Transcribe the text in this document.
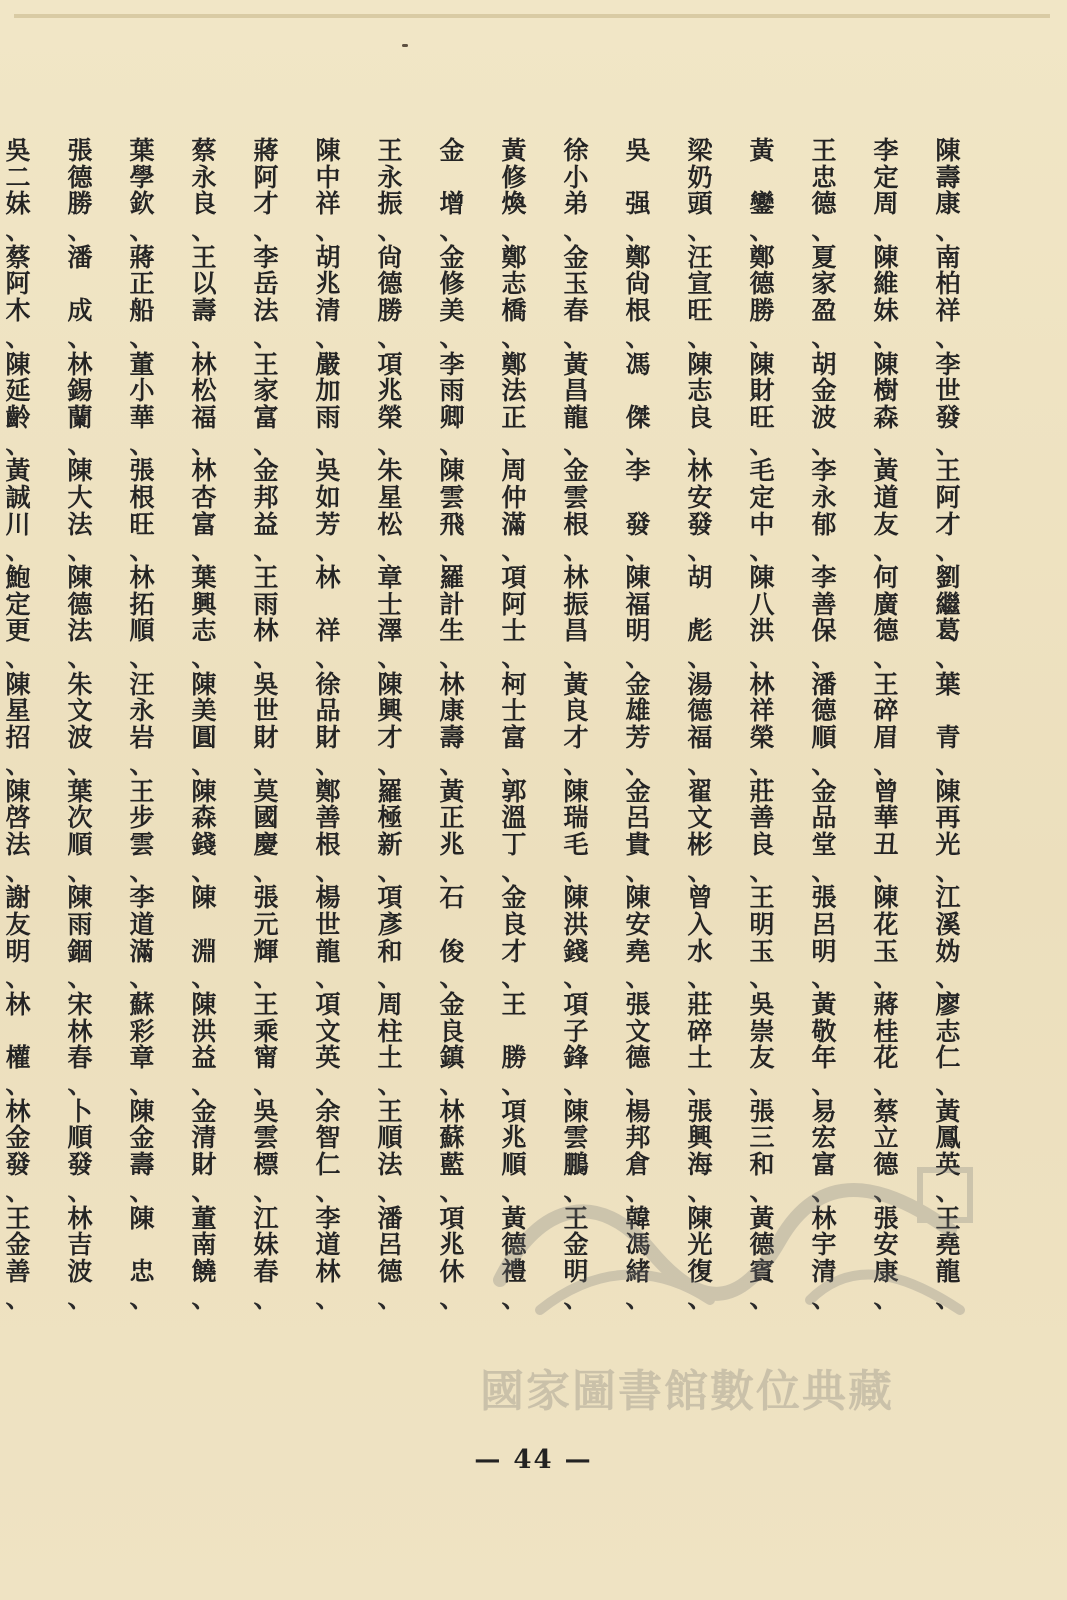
陳
壽
康
、
南
柏
祥
、
李
世
發
、
王
阿
才
、
劉
繼
葛
、
葉
青
、
陳
再
光
、
江
溪
妫
、
廖
志
仁
、
黃
鳳
英
、
王
堯
龍
、
李
定
周
、
陳
維
妹
、
陳
樹
森
、
黃
道
友
、
何
廣
德
、
王
碎
眉
、
曾
華
丑
、
陳
花
玉
、
蔣
桂
花
、
蔡
立
德
、
張
安
康
、
王
忠
德
、
夏
家
盈
、
胡
金
波
、
李
永
郁
、
李
善
保
、
潘
德
順
、
金
品
堂
、
張
呂
明
、
黃
敬
年
、
易
宏
富
、
林
宇
清
、
黃
鑾
、
鄭
德
勝
、
陳
財
旺
、
毛
定
中
、
陳
八
洪
、
林
祥
榮
、
莊
善
良
、
王
明
玉
、
吳
崇
友
、
張
三
和
、
黃
德
賓
、
梁
奶
頭
、
汪
宣
旺
、
陳
志
良
、
林
安
發
、
胡
彪
、
湯
德
福
、
翟
文
彬
、
曾
入
水
、
莊
碎
土
、
張
興
海
、
陳
光
復
、
吳
强
、
鄭
尙
根
、
馮
傑
、
李
發
、
陳
福
明
、
金
雄
芳
、
金
呂
貴
、
陳
安
堯
、
張
文
德
、
楊
邦
倉
、
韓
馮
緒
、
徐
小
弟
、
金
玉
春
、
黃
昌
龍
、
金
雲
根
、
林
振
昌
、
黃
良
才
、
陳
瑞
毛
、
陳
洪
錢
、
項
子
鋒
、
陳
雲
鵬
、
王
金
明
、
黃
修
煥
、
鄭
志
橋
、
鄭
法
正
、
周
仲
滿
、
項
阿
士
、
柯
士
富
、
郭
溫
丁
、
金
良
才
、
王
勝
、
項
兆
順
、
黃
德
禮
、
金
增
、
金
修
美
、
李
雨
卿
、
陳
雲
飛
、
羅
計
生
、
林
康
壽
、
黃
正
兆
、
石
俊
、
金
良
鎮
、
林
蘇
藍
、
項
兆
休
、
王
永
振
、
尙
德
勝
、
項
兆
榮
、
朱
星
松
、
章
士
澤
、
陳
興
才
、
羅
極
新
、
項
彥
和
、
周
柱
土
、
王
順
法
、
潘
呂
德
、
陳
中
祥
、
胡
兆
清
、
嚴
加
雨
、
吳
如
芳
、
林
祥
、
徐
品
財
、
鄭
善
根
、
楊
世
龍
、
項
文
英
、
余
智
仁
、
李
道
林
、
蔣
阿
才
、
李
岳
法
、
王
家
富
、
金
邦
益
、
王
雨
林
、
吳
世
財
、
莫
國
慶
、
張
元
輝
、
王
乘
甯
、
吳
雲
標
、
江
妹
春
、
蔡
永
良
、
王
以
壽
、
林
松
福
、
林
杏
富
、
葉
興
志
、
陳
美
圓
、
陳
森
錢
、
陳
淵
、
陳
洪
益
、
金
清
財
、
董
南
饒
、
葉
學
欽
、
蔣
正
船
、
董
小
華
、
張
根
旺
、
林
拓
順
、
汪
永
岩
、
王
步
雲
、
李
道
滿
、
蘇
彩
章
、
陳
金
壽
、
陳
忠
、
張
德
勝
、
潘
成
、
林
錫
蘭
、
陳
大
法
、
陳
德
法
、
朱
文
波
、
葉
次
順
、
陳
雨
錮
、
宋
林
春
、
卜
順
發
、
林
吉
波
、
吳
二
妹
、
蔡
阿
木
、
陳
延
齡
、
黃
誠
川
、
鮑
定
更
、
陳
星
招
、
陳
啓
法
、
謝
友
明
、
林
權
、
林
金
發
、
王
金
善
、
國家圖書館數位典藏
— 44 —
